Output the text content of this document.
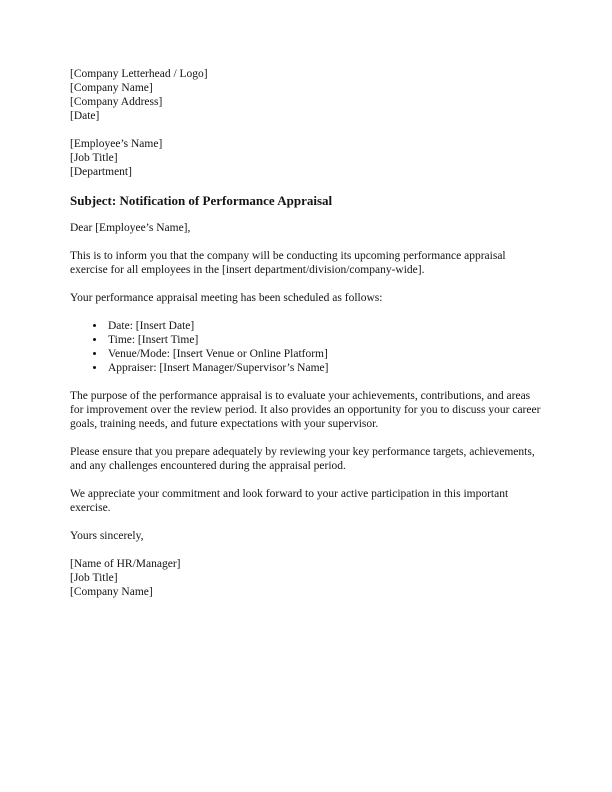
[Company Letterhead / Logo]
[Company Name]
[Company Address]
[Date]
[Employee’s Name]
[Job Title]
[Department]

Subject: Notification of Performance Appraisal

Dear [Employee’s Name],

This is to inform you that the company will be conducting its upcoming performance appraisal exercise for all employees in the [insert department/division/company-wide].

Your performance appraisal meeting has been scheduled as follows:

• Date: [Insert Date]
• Time: [Insert Time]
• Venue/Mode: [Insert Venue or Online Platform]
• Appraiser: [Insert Manager/Supervisor’s Name]

The purpose of the performance appraisal is to evaluate your achievements, contributions, and areas for improvement over the review period. It also provides an opportunity for you to discuss your career goals, training needs, and future expectations with your supervisor.

Please ensure that you prepare adequately by reviewing your key performance targets, achievements, and any challenges encountered during the appraisal period.

We appreciate your commitment and look forward to your active participation in this important exercise.

Yours sincerely,

[Name of HR/Manager]
[Job Title]
[Company Name]
